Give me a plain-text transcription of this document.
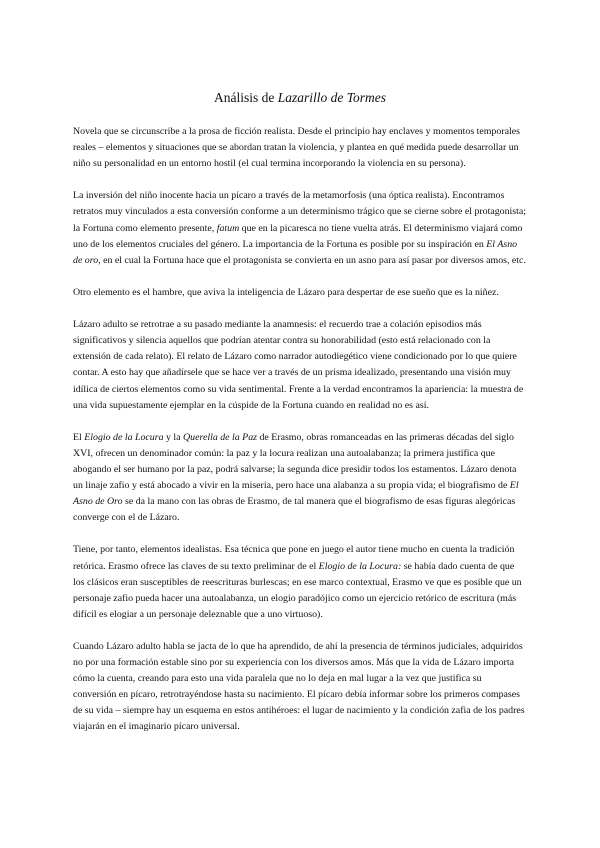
Análisis de Lazarillo de Tormes

Novela que se circunscribe a la prosa de ficción realista. Desde el principio hay enclaves y momentos temporales reales – elementos y situaciones que se abordan tratan la violencia, y plantea en qué medida puede desarrollar un niño su personalidad en un entorno hostil (el cual termina incorporando la violencia en su persona).

La inversión del niño inocente hacia un pícaro a través de la metamorfosis (una óptica realista). Encontramos retratos muy vinculados a esta conversión conforme a un determinismo trágico que se cierne sobre el protagonista; la Fortuna como elemento presente, fatum que en la picaresca no tiene vuelta atrás. El determinismo viajará como uno de los elementos cruciales del género. La importancia de la Fortuna es posible por su inspiración en El Asno de oro, en el cual la Fortuna hace que el protagonista se convierta en un asno para así pasar por diversos amos, etc.

Otro elemento es el hambre, que aviva la inteligencia de Lázaro para despertar de ese sueño que es la niñez.

Lázaro adulto se retrotrae a su pasado mediante la anamnesis: el recuerdo trae a colación episodios más significativos y silencia aquellos que podrían atentar contra su honorabilidad (esto está relacionado con la extensión de cada relato). El relato de Lázaro como narrador autodiegético viene condicionado por lo que quiere contar. A esto hay que añadírsele que se hace ver a través de un prisma idealizado, presentando una visión muy idílica de ciertos elementos como su vida sentimental. Frente a la verdad encontramos la apariencia: la muestra de una vida supuestamente ejemplar en la cúspide de la Fortuna cuando en realidad no es así.

El Elogio de la Locura y la Querella de la Paz de Erasmo, obras romanceadas en las primeras décadas del siglo XVI, ofrecen un denominador común: la paz y la locura realizan una autoalabanza; la primera justifica que abogando el ser humano por la paz, podrá salvarse; la segunda dice presidir todos los estamentos. Lázaro denota un linaje zafio y está abocado a vivir en la miseria, pero hace una alabanza a su propia vida; el biografismo de El Asno de Oro se da la mano con las obras de Erasmo, de tal manera que el biografismo de esas figuras alegóricas converge con el de Lázaro.

Tiene, por tanto, elementos idealistas. Esa técnica que pone en juego el autor tiene mucho en cuenta la tradición retórica. Erasmo ofrece las claves de su texto preliminar de el Elogio de la Locura: se había dado cuenta de que los clásicos eran susceptibles de reescrituras burlescas; en ese marco contextual, Erasmo ve que es posible que un personaje zafio pueda hacer una autoalabanza, un elogio paradójico como un ejercicio retórico de escritura (más difícil es elogiar a un personaje deleznable que a uno virtuoso).

Cuando Lázaro adulto habla se jacta de lo que ha aprendido, de ahí la presencia de términos judiciales, adquiridos no por una formación estable sino por su experiencia con los diversos amos. Más que la vida de Lázaro importa cómo la cuenta, creando para esto una vida paralela que no lo deja en mal lugar a la vez que justifica su conversión en pícaro, retrotrayéndose hasta su nacimiento. El pícaro debía informar sobre los primeros compases de su vida – siempre hay un esquema en estos antihéroes: el lugar de nacimiento y la condición zafia de los padres viajarán en el imaginario pícaro universal.
